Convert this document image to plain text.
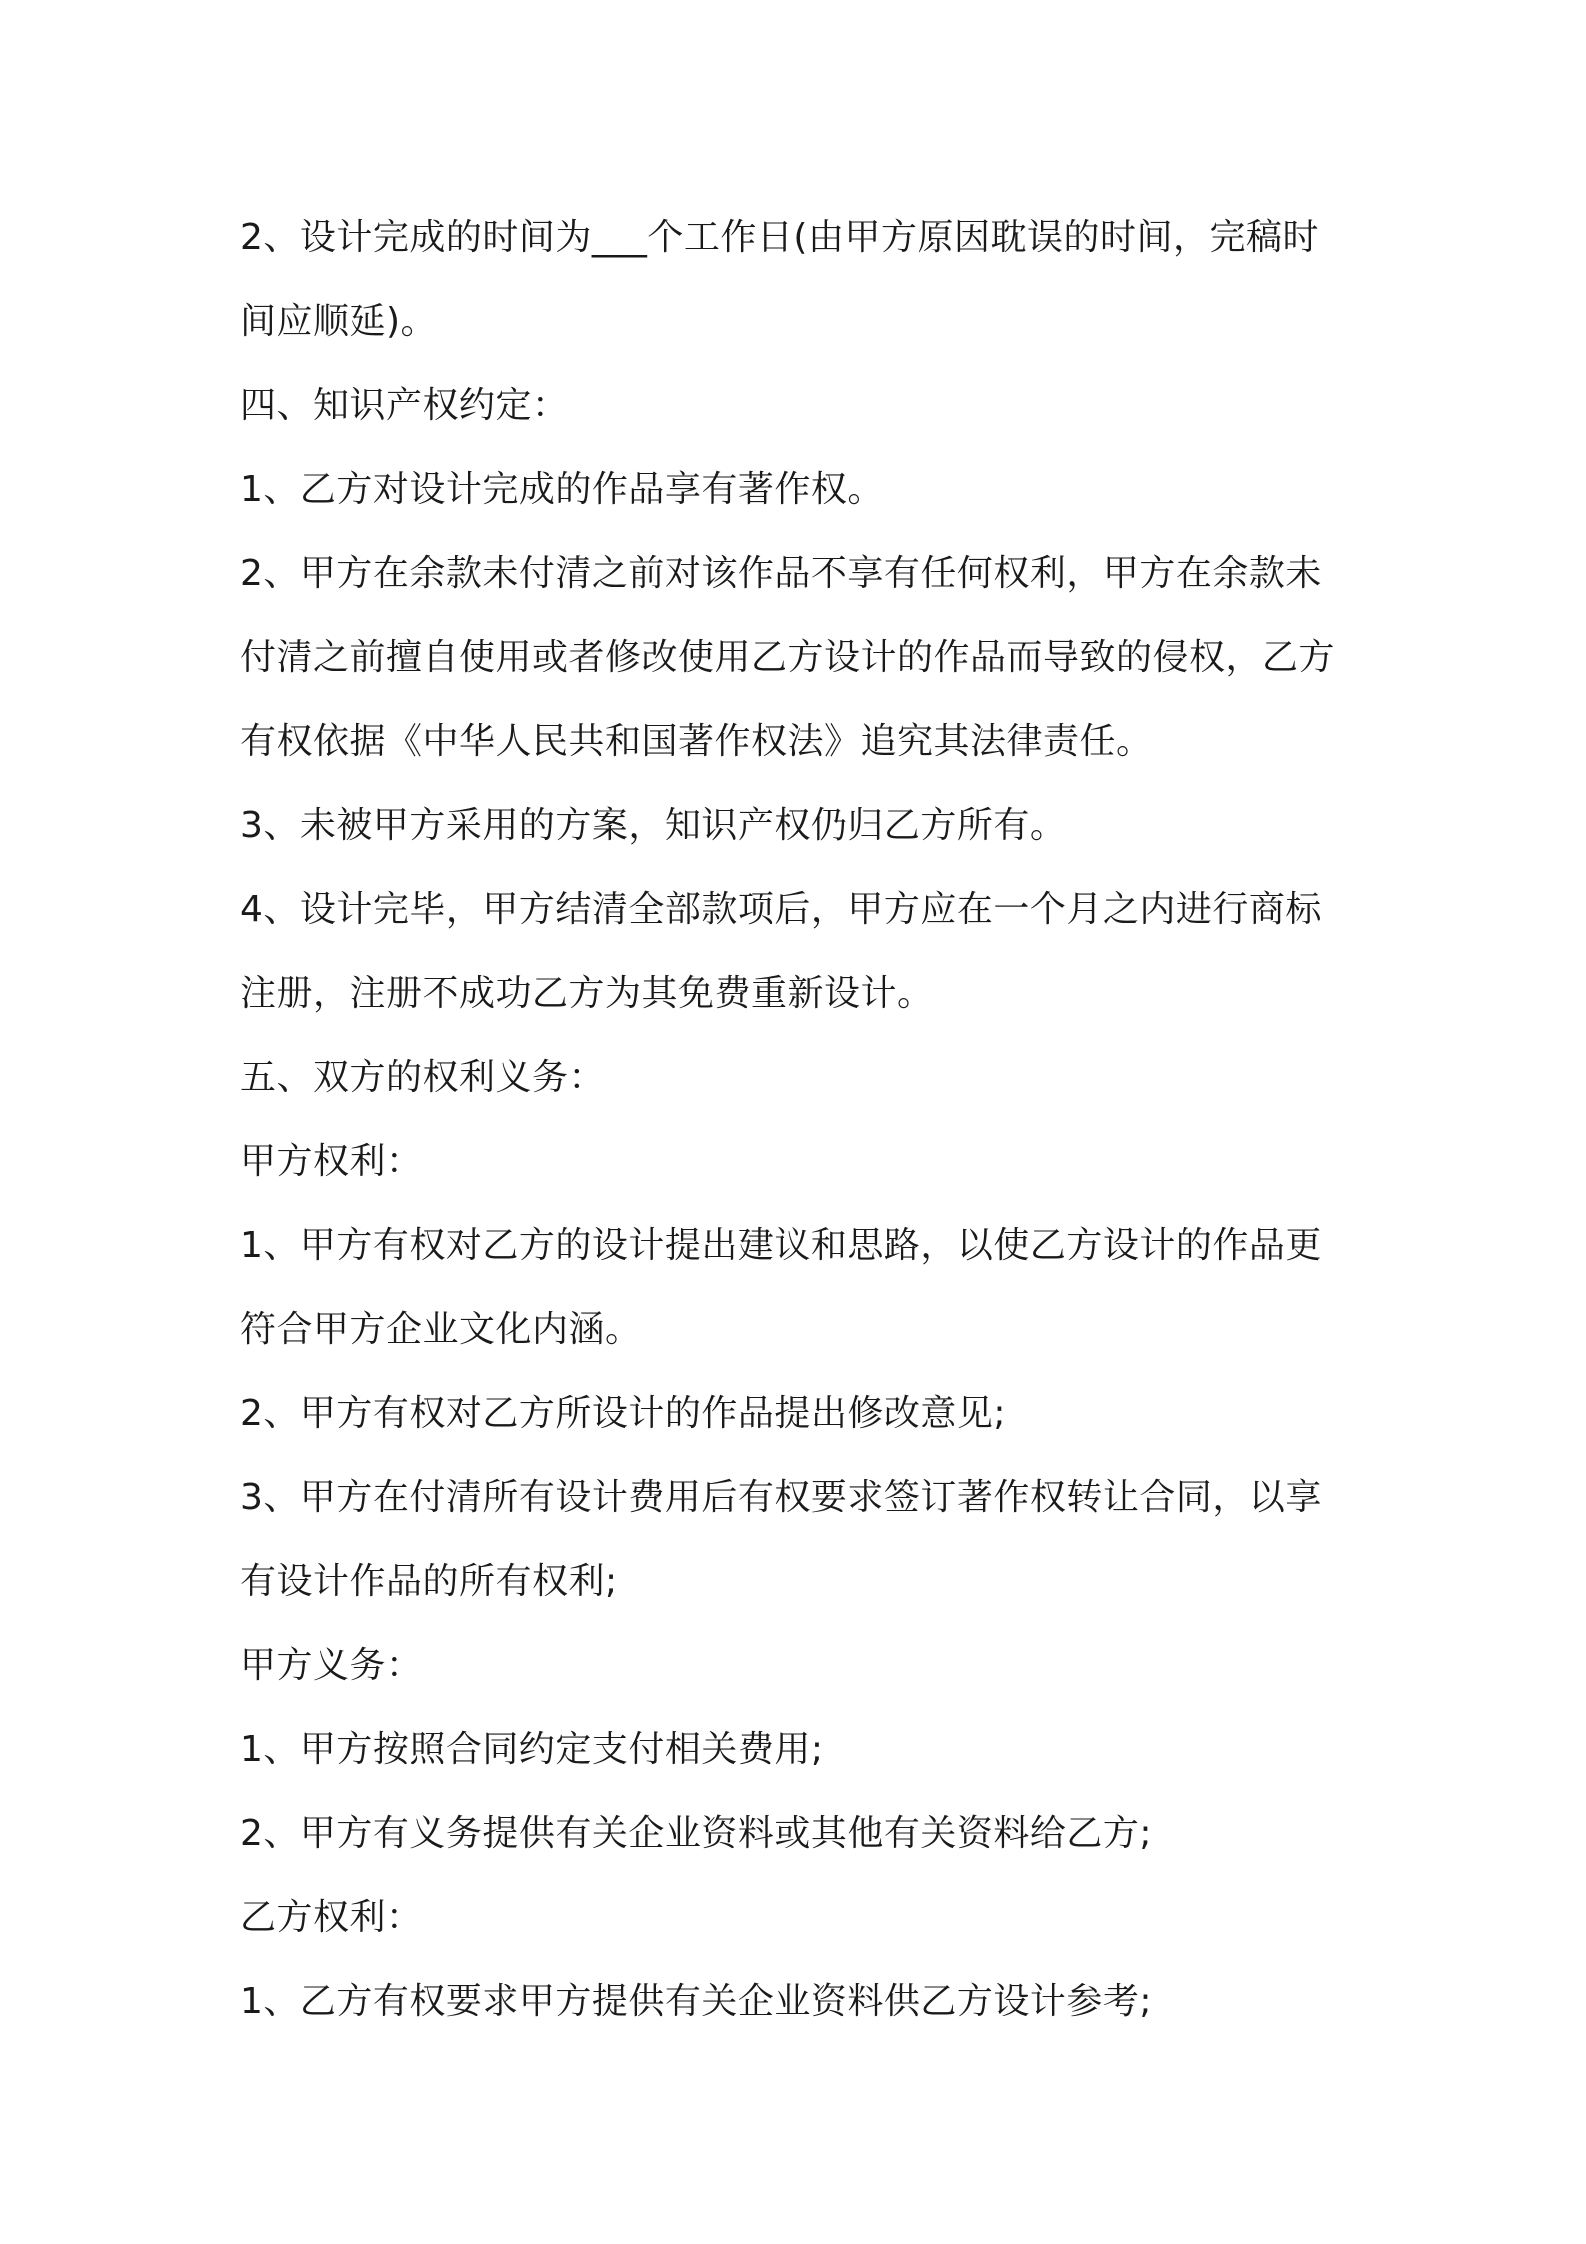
2、设计完成的时间为___个工作日(由甲方原因耽误的时间，完稿时间应顺延)。

四、知识产权约定：

1、乙方对设计完成的作品享有著作权。

2、甲方在余款未付清之前对该作品不享有任何权利，甲方在余款未付清之前擅自使用或者修改使用乙方设计的作品而导致的侵权，乙方有权依据《中华人民共和国著作权法》追究其法律责任。

3、未被甲方采用的方案，知识产权仍归乙方所有。

4、设计完毕，甲方结清全部款项后，甲方应在一个月之内进行商标注册，注册不成功乙方为其免费重新设计。

五、双方的权利义务：

甲方权利：

1、甲方有权对乙方的设计提出建议和思路，以使乙方设计的作品更符合甲方企业文化内涵。

2、甲方有权对乙方所设计的作品提出修改意见;

3、甲方在付清所有设计费用后有权要求签订著作权转让合同，以享有设计作品的所有权利;

甲方义务：

1、甲方按照合同约定支付相关费用;

2、甲方有义务提供有关企业资料或其他有关资料给乙方;

乙方权利：

1、乙方有权要求甲方提供有关企业资料供乙方设计参考;
